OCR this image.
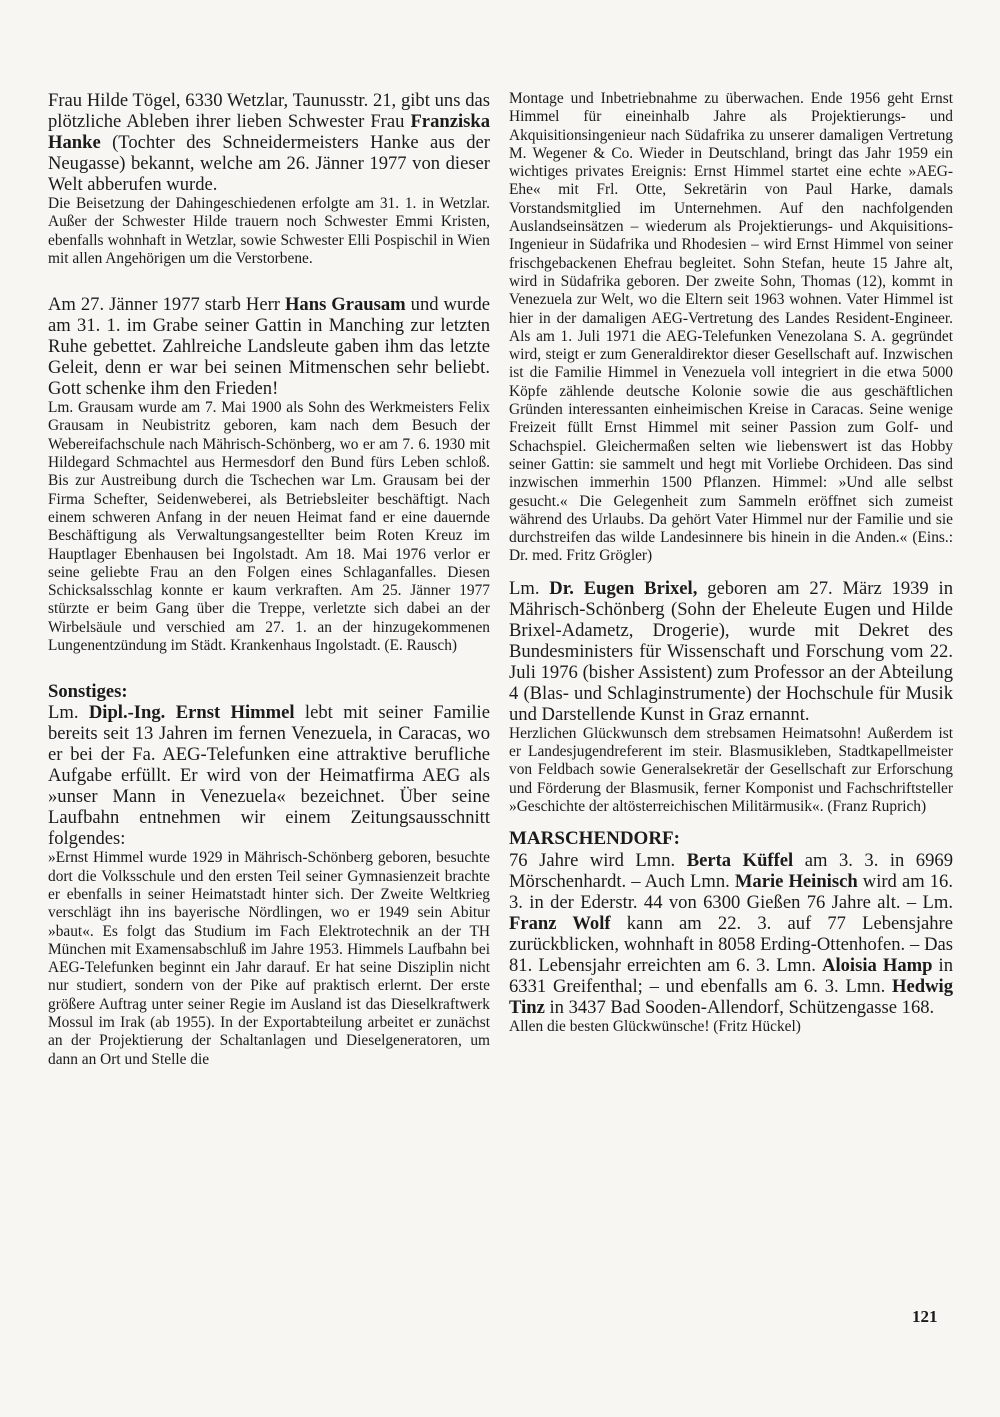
Frau Hilde Tögel, 6330 Wetzlar, Taunusstr. 21, gibt uns das plötzliche Ableben ihrer lieben Schwester Frau Franziska Hanke (Tochter des Schneidermeisters Hanke aus der Neugasse) bekannt, welche am 26. Jänner 1977 von dieser Welt abberufen wurde.

Die Beisetzung der Dahingeschiedenen erfolgte am 31. 1. in Wetzlar. Außer der Schwester Hilde trauern noch Schwester Emmi Kristen, ebenfalls wohnhaft in Wetzlar, sowie Schwester Elli Pospischil in Wien mit allen Angehörigen um die Verstorbene.

Am 27. Jänner 1977 starb Herr Hans Grausam und wurde am 31. 1. im Grabe seiner Gattin in Manching zur letzten Ruhe gebettet. Zahlreiche Landsleute gaben ihm das letzte Geleit, denn er war bei seinen Mitmenschen sehr beliebt. Gott schenke ihm den Frieden!

Lm. Grausam wurde am 7. Mai 1900 als Sohn des Werkmeisters Felix Grausam in Neubistritz geboren, kam nach dem Besuch der Webereifachschule nach Mährisch-Schönberg, wo er am 7. 6. 1930 mit Hildegard Schmachtel aus Hermesdorf den Bund fürs Leben schloß. Bis zur Austreibung durch die Tschechen war Lm. Grausam bei der Firma Schefter, Seidenweberei, als Betriebsleiter beschäftigt. Nach einem schweren Anfang in der neuen Heimat fand er eine dauernde Beschäftigung als Verwaltungsangestellter beim Roten Kreuz im Hauptlager Ebenhausen bei Ingolstadt. Am 18. Mai 1976 verlor er seine geliebte Frau an den Folgen eines Schlaganfalles. Diesen Schicksalsschlag konnte er kaum verkraften. Am 25. Jänner 1977 stürzte er beim Gang über die Treppe, verletzte sich dabei an der Wirbelsäule und verschied am 27. 1. an der hinzugekommenen Lungenentzündung im Städt. Krankenhaus Ingolstadt. (E. Rausch)

Sonstiges:

Lm. Dipl.-Ing. Ernst Himmel lebt mit seiner Familie bereits seit 13 Jahren im fernen Venezuela, in Caracas, wo er bei der Fa. AEG-Telefunken eine attraktive berufliche Aufgabe erfüllt. Er wird von der Heimatfirma AEG als »unser Mann in Venezuela« bezeichnet. Über seine Laufbahn entnehmen wir einem Zeitungsausschnitt folgendes:

»Ernst Himmel wurde 1929 in Mährisch-Schönberg geboren, besuchte dort die Volksschule und den ersten Teil seiner Gymnasienzeit brachte er ebenfalls in seiner Heimatstadt hinter sich. Der Zweite Weltkrieg verschlägt ihn ins bayerische Nördlingen, wo er 1949 sein Abitur »baut«. Es folgt das Studium im Fach Elektrotechnik an der TH München mit Examensabschluß im Jahre 1953. Himmels Laufbahn bei AEG-Telefunken beginnt ein Jahr darauf. Er hat seine Disziplin nicht nur studiert, sondern von der Pike auf praktisch erlernt. Der erste größere Auftrag unter seiner Regie im Ausland ist das Dieselkraftwerk Mossul im Irak (ab 1955). In der Exportabteilung arbeitet er zunächst an der Projektierung der Schaltanlagen und Dieselgeneratoren, um dann an Ort und Stelle die

Montage und Inbetriebnahme zu überwachen. Ende 1956 geht Ernst Himmel für eineinhalb Jahre als Projektierungs- und Akquisitionsingenieur nach Südafrika zu unserer damaligen Vertretung M. Wegener & Co. Wieder in Deutschland, bringt das Jahr 1959 ein wichtiges privates Ereignis: Ernst Himmel startet eine echte »AEG-Ehe« mit Frl. Otte, Sekretärin von Paul Harke, damals Vorstandsmitglied im Unternehmen. Auf den nachfolgenden Auslandseinsätzen – wiederum als Projektierungs- und Akquisitions-Ingenieur in Südafrika und Rhodesien – wird Ernst Himmel von seiner frischgebackenen Ehefrau begleitet. Sohn Stefan, heute 15 Jahre alt, wird in Südafrika geboren. Der zweite Sohn, Thomas (12), kommt in Venezuela zur Welt, wo die Eltern seit 1963 wohnen. Vater Himmel ist hier in der damaligen AEG-Vertretung des Landes Resident-Engineer. Als am 1. Juli 1971 die AEG-Telefunken Venezolana S. A. gegründet wird, steigt er zum Generaldirektor dieser Gesellschaft auf. Inzwischen ist die Familie Himmel in Venezuela voll integriert in die etwa 5000 Köpfe zählende deutsche Kolonie sowie die aus geschäftlichen Gründen interessanten einheimischen Kreise in Caracas. Seine wenige Freizeit füllt Ernst Himmel mit seiner Passion zum Golf- und Schachspiel. Gleichermaßen selten wie liebenswert ist das Hobby seiner Gattin: sie sammelt und hegt mit Vorliebe Orchideen. Das sind inzwischen immerhin 1500 Pflanzen. Himmel: »Und alle selbst gesucht.« Die Gelegenheit zum Sammeln eröffnet sich zumeist während des Urlaubs. Da gehört Vater Himmel nur der Familie und sie durchstreifen das wilde Landesinnere bis hinein in die Anden.« (Eins.: Dr. med. Fritz Grögler)

Lm. Dr. Eugen Brixel, geboren am 27. März 1939 in Mährisch-Schönberg (Sohn der Eheleute Eugen und Hilde Brixel-Adametz, Drogerie), wurde mit Dekret des Bundesministers für Wissenschaft und Forschung vom 22. Juli 1976 (bisher Assistent) zum Professor an der Abteilung 4 (Blas- und Schlaginstrumente) der Hochschule für Musik und Darstellende Kunst in Graz ernannt.

Herzlichen Glückwunsch dem strebsamen Heimatsohn! Außerdem ist er Landesjugendreferent im steir. Blasmusikleben, Stadtkapellmeister von Feldbach sowie Generalsekretär der Gesellschaft zur Erforschung und Förderung der Blasmusik, ferner Komponist und Fachschriftsteller »Geschichte der altösterreichischen Militärmusik«. (Franz Ruprich)

MARSCHENDORF:

76 Jahre wird Lmn. Berta Küffel am 3. 3. in 6969 Mörschenhardt. – Auch Lmn. Marie Heinisch wird am 16. 3. in der Ederstr. 44 von 6300 Gießen 76 Jahre alt. – Lm. Franz Wolf kann am 22. 3. auf 77 Lebensjahre zurückblicken, wohnhaft in 8058 Erding-Ottenhofen. – Das 81. Lebensjahr erreichten am 6. 3. Lmn. Aloisia Hamp in 6331 Greifenthal; – und ebenfalls am 6. 3. Lmn. Hedwig Tinz in 3437 Bad Sooden-Allendorf, Schützengasse 168.

Allen die besten Glückwünsche! (Fritz Hückel)

121
